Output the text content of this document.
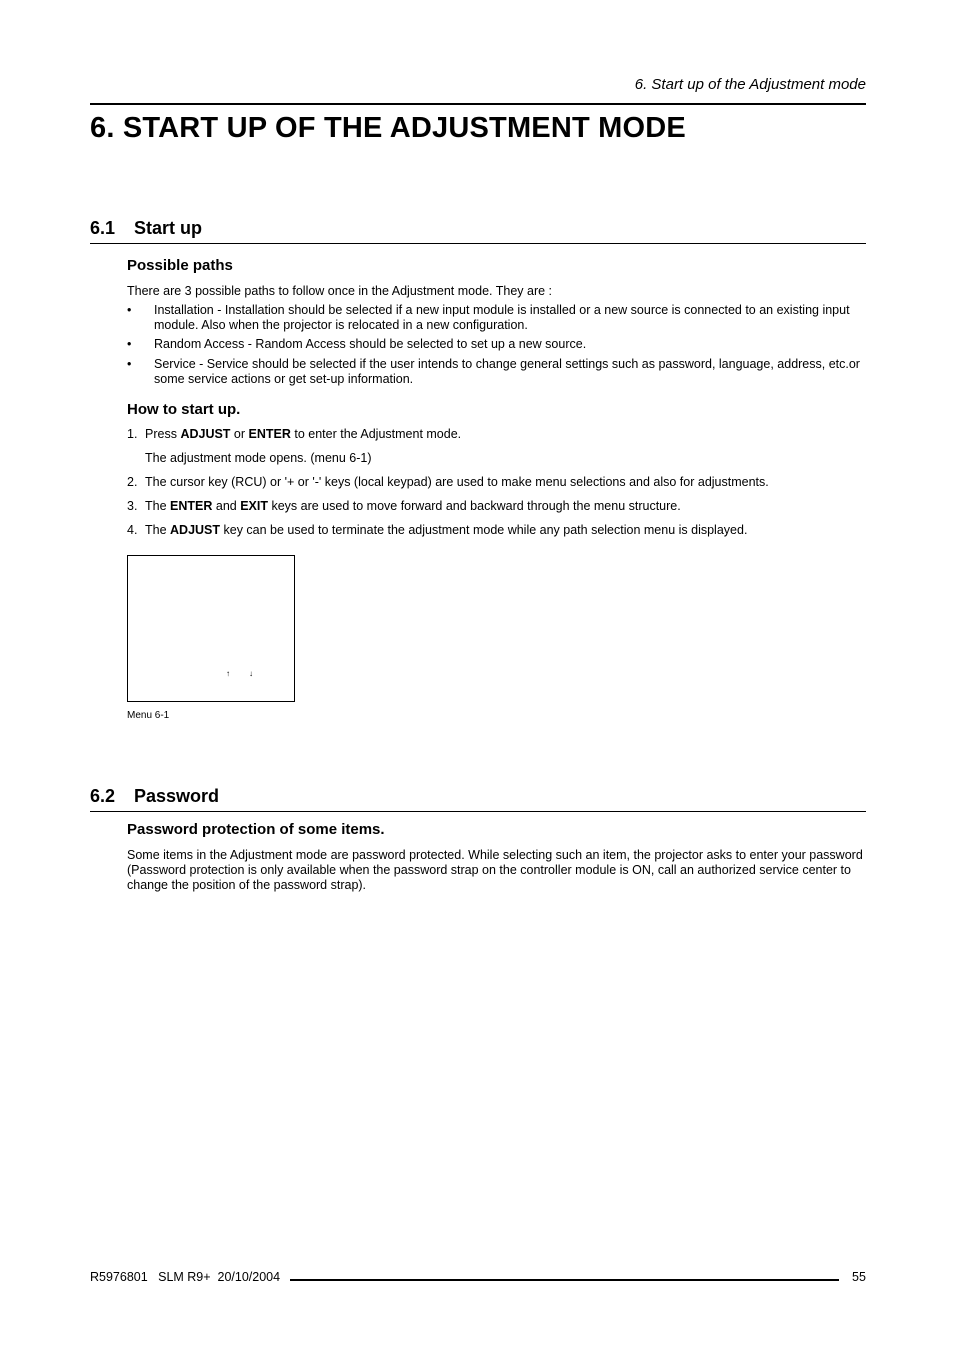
6. Start up of the Adjustment mode
6. START UP OF THE ADJUSTMENT MODE
6.1 Start up
Possible paths
There are 3 possible paths to follow once in the Adjustment mode. They are :
• Installation - Installation should be selected if a new input module is installed or a new source is connected to an existing input
module. Also when the projector is relocated in a new configuration.
• Random Access - Random Access should be selected to set up a new source.
• Service - Service should be selected if the user intends to change general settings such as password, language, address, etc.or
some service actions or get set-up information.
How to start up.
1. Press ADJUST or ENTER to enter the Adjustment mode.
The adjustment mode opens. (menu 6-1)
2. The cursor key (RCU) or '+ or '-' keys (local keypad) are used to make menu selections and also for adjustments.
3. The ENTER and EXIT keys are used to move forward and backward through the menu structure.
4. The ADJUST key can be used to terminate the adjustment mode while any path selection menu is displayed.
↑ ↓
Menu 6-1
6.2 Password
Password protection of some items.
Some items in the Adjustment mode are password protected. While selecting such an item, the projector asks to enter your password
(Password protection is only available when the password strap on the controller module is ON, call an authorized service center to
change the position of the password strap).
R5976801   SLM R9+  20/10/2004	55
